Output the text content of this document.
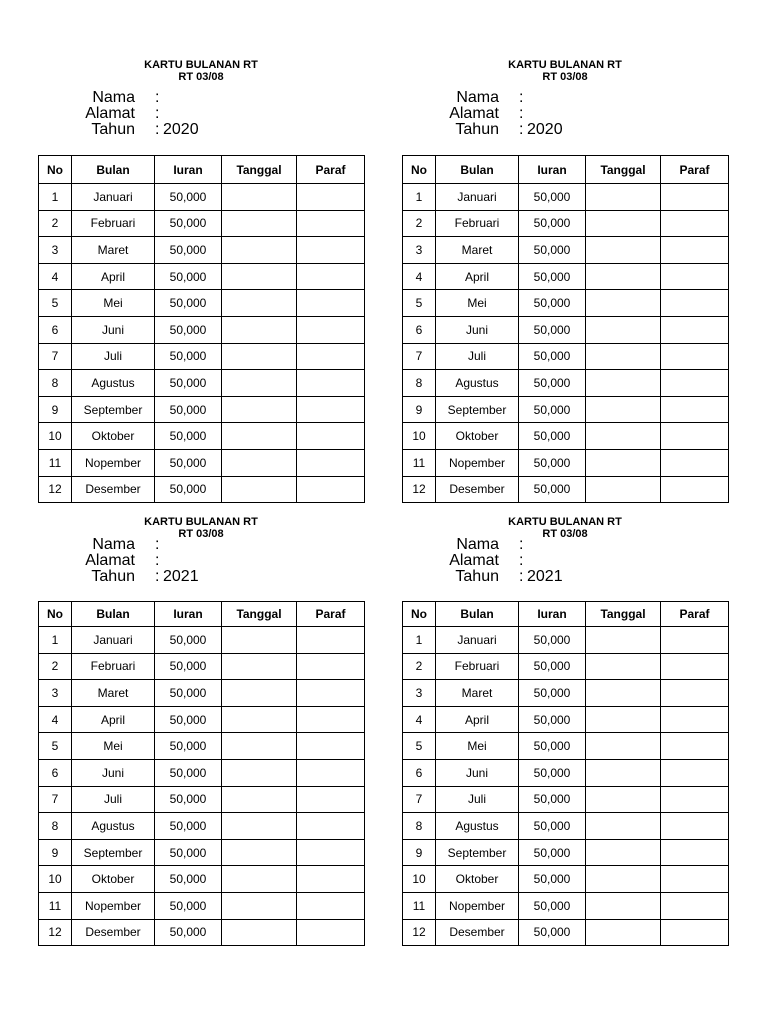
KARTU BULANAN RT
RT 03/08
Nama :
Alamat :
Tahun : 2020
No	Bulan	Iuran	Tanggal	Paraf
1	Januari	50,000		
2	Februari	50,000		
3	Maret	50,000		
4	April	50,000		
5	Mei	50,000		
6	Juni	50,000		
7	Juli	50,000		
8	Agustus	50,000		
9	September	50,000		
10	Oktober	50,000		
11	Nopember	50,000		
12	Desember	50,000		
KARTU BULANAN RT
RT 03/08
Nama :
Alamat :
Tahun : 2020
No	Bulan	Iuran	Tanggal	Paraf
1	Januari	50,000		
2	Februari	50,000		
3	Maret	50,000		
4	April	50,000		
5	Mei	50,000		
6	Juni	50,000		
7	Juli	50,000		
8	Agustus	50,000		
9	September	50,000		
10	Oktober	50,000		
11	Nopember	50,000		
12	Desember	50,000		
KARTU BULANAN RT
RT 03/08
Nama :
Alamat :
Tahun : 2021
No	Bulan	Iuran	Tanggal	Paraf
1	Januari	50,000		
2	Februari	50,000		
3	Maret	50,000		
4	April	50,000		
5	Mei	50,000		
6	Juni	50,000		
7	Juli	50,000		
8	Agustus	50,000		
9	September	50,000		
10	Oktober	50,000		
11	Nopember	50,000		
12	Desember	50,000		
KARTU BULANAN RT
RT 03/08
Nama :
Alamat :
Tahun : 2021
No	Bulan	Iuran	Tanggal	Paraf
1	Januari	50,000		
2	Februari	50,000		
3	Maret	50,000		
4	April	50,000		
5	Mei	50,000		
6	Juni	50,000		
7	Juli	50,000		
8	Agustus	50,000		
9	September	50,000		
10	Oktober	50,000		
11	Nopember	50,000		
12	Desember	50,000		
